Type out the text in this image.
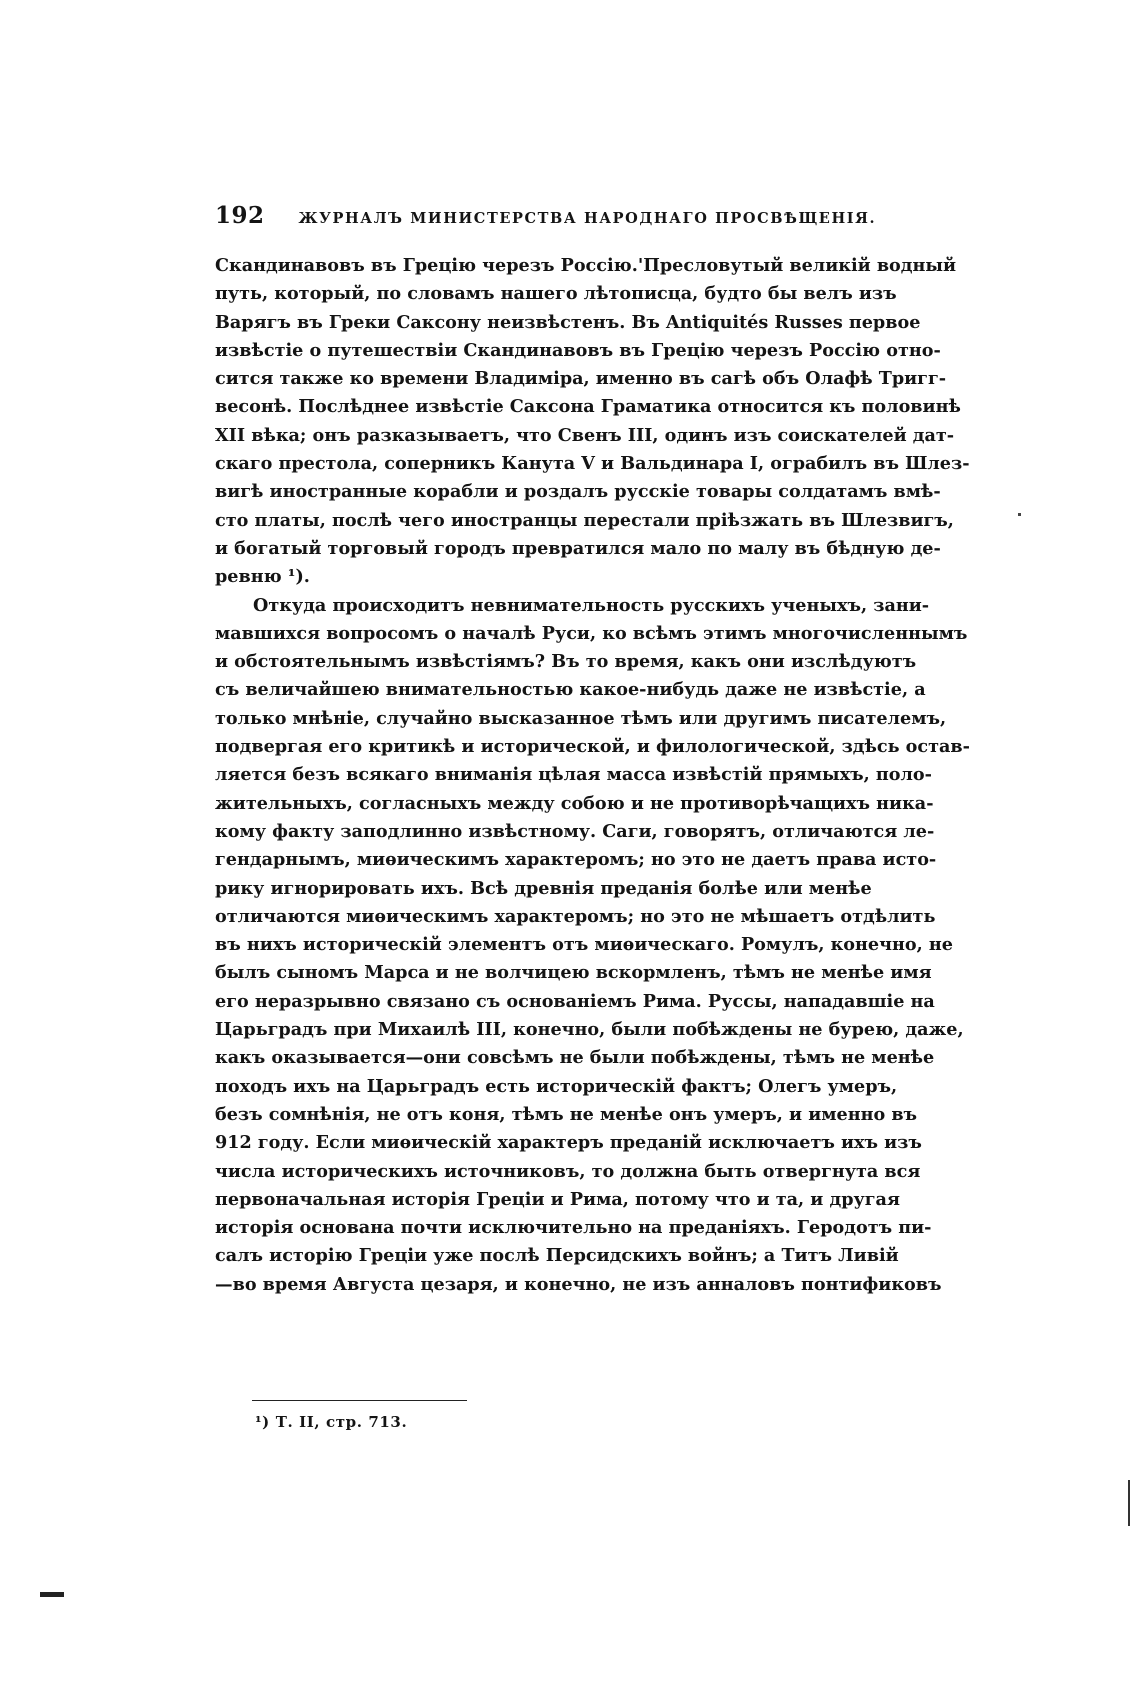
192 ЖУРНАЛЪ МИНИСТЕРСТВА НАРОДНАГО ПРОСВѢЩЕНІЯ.
Скандинавовъ въ Грецію черезъ Россію.'Пресловутый великій водный
путь, который, по словамъ нашего лѣтописца, будто бы велъ изъ
Варягъ въ Греки Саксону неизвѣстенъ. Въ Antiquités Russes первое
извѣстіе о путешествіи Скандинавовъ въ Грецію черезъ Россію отно-
сится также ко времени Владиміра, именно въ сагѣ объ Олафѣ Тригг-
весонѣ. Послѣднее извѣстіе Саксона Граматика относится къ половинѣ
XII вѣка; онъ разказываетъ, что Свенъ III, одинъ изъ соискателей дат-
скаго престола, соперникъ Канута V и Вальдинара I, ограбилъ въ Шлез-
вигѣ иностранные корабли и роздалъ русскіе товары солдатамъ вмѣ-
сто платы, послѣ чего иностранцы перестали пріѣзжать въ Шлезвигъ,
и богатый торговый городъ превратился мало по малу въ бѣдную де-
ревню ¹).
Откуда происходитъ невнимательность русскихъ ученыхъ, зани-
мавшихся вопросомъ о началѣ Руси, ко всѣмъ этимъ многочисленнымъ
и обстоятельнымъ извѣстіямъ? Въ то время, какъ они изслѣдуютъ
съ величайшею внимательностью какое-нибудь даже не извѣстіе, а
только мнѣніе, случайно высказанное тѣмъ или другимъ писателемъ,
подвергая его критикѣ и исторической, и филологической, здѣсь остав-
ляется безъ всякаго вниманія цѣлая масса извѣстій прямыхъ, поло-
жительныхъ, согласныхъ между собою и не противорѣчащихъ ника-
кому факту заподлинно извѣстному. Саги, говорятъ, отличаются ле-
гендарнымъ, миѳическимъ характеромъ; но это не даетъ права исто-
рику игнорировать ихъ. Всѣ древнія преданія болѣе или менѣе
отличаются миѳическимъ характеромъ; но это не мѣшаетъ отдѣлить
въ нихъ историческій элементъ отъ миѳическаго. Ромулъ, конечно, не
былъ сыномъ Марса и не волчицею вскормленъ, тѣмъ не менѣе имя
его неразрывно связано съ основаніемъ Рима. Руссы, нападавшіе на
Царьградъ при Михаилѣ III, конечно, были побѣждены не бурею, даже,
какъ оказывается—они совсѣмъ не были побѣждены, тѣмъ не менѣе
походъ ихъ на Царьградъ есть историческій фактъ; Олегъ умеръ,
безъ сомнѣнія, не отъ коня, тѣмъ не менѣе онъ умеръ, и именно въ
912 году. Если миѳическій характеръ преданій исключаетъ ихъ изъ
числа историческихъ источниковъ, то должна быть отвергнута вся
первоначальная исторія Греціи и Рима, потому что и та, и другая
исторія основана почти исключительно на преданіяхъ. Геродотъ пи-
салъ исторію Греціи уже послѣ Персидскихъ войнъ; а Титъ Ливій
—во время Августа цезаря, и конечно, не изъ анналовъ понтификовъ
¹) Т. II, стр. 713.
